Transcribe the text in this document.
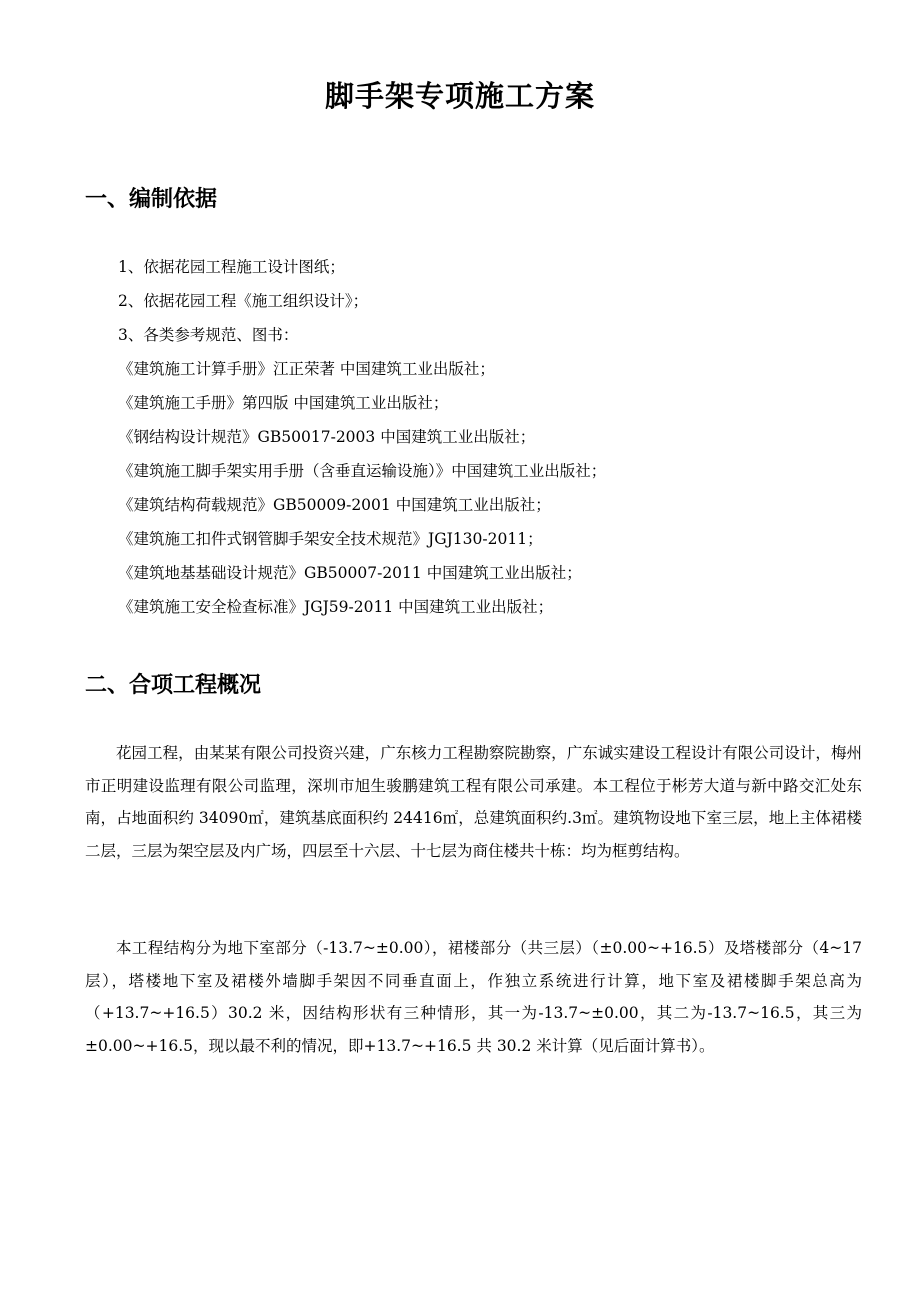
脚手架专项施工方案
一、编制依据
1、依据花园工程施工设计图纸；
2、依据花园工程《施工组织设计》；
3、各类参考规范、图书：
《建筑施工计算手册》江正荣著 中国建筑工业出版社；
《建筑施工手册》第四版 中国建筑工业出版社；
《钢结构设计规范》GB50017-2003 中国建筑工业出版社；
《建筑施工脚手架实用手册（含垂直运输设施）》中国建筑工业出版社；
《建筑结构荷载规范》GB50009-2001 中国建筑工业出版社；
《建筑施工扣件式钢管脚手架安全技术规范》JGJ130-2011；
《建筑地基基础设计规范》GB50007-2011 中国建筑工业出版社；
《建筑施工安全检查标准》JGJ59-2011 中国建筑工业出版社；
二、合项工程概况

花园工程，由某某有限公司投资兴建，广东核力工程勘察院勘察，广东诚实建设工程设计有限公司设计，梅州市正明建设监理有限公司监理，深圳市旭生骏鹏建筑工程有限公司承建。本工程位于彬芳大道与新中路交汇处东南，占地面积约 34090㎡，建筑基底面积约 24416㎡，总建筑面积约.3㎡。建筑物设地下室三层，地上主体裙楼二层，三层为架空层及内广场，四层至十六层、十七层为商住楼共十栋：均为框剪结构。

本工程结构分为地下室部分（-13.7~±0.00），裙楼部分（共三层）（±0.00~+16.5）及塔楼部分（4~17 层），塔楼地下室及裙楼外墙脚手架因不同垂直面上，作独立系统进行计算，地下室及裙楼脚手架总高为（+13.7~+16.5）30.2 米，因结构形状有三种情形，其一为-13.7~±0.00，其二为-13.7~16.5，其三为±0.00~+16.5，现以最不利的情况，即+13.7~+16.5 共 30.2 米计算（见后面计算书）。
